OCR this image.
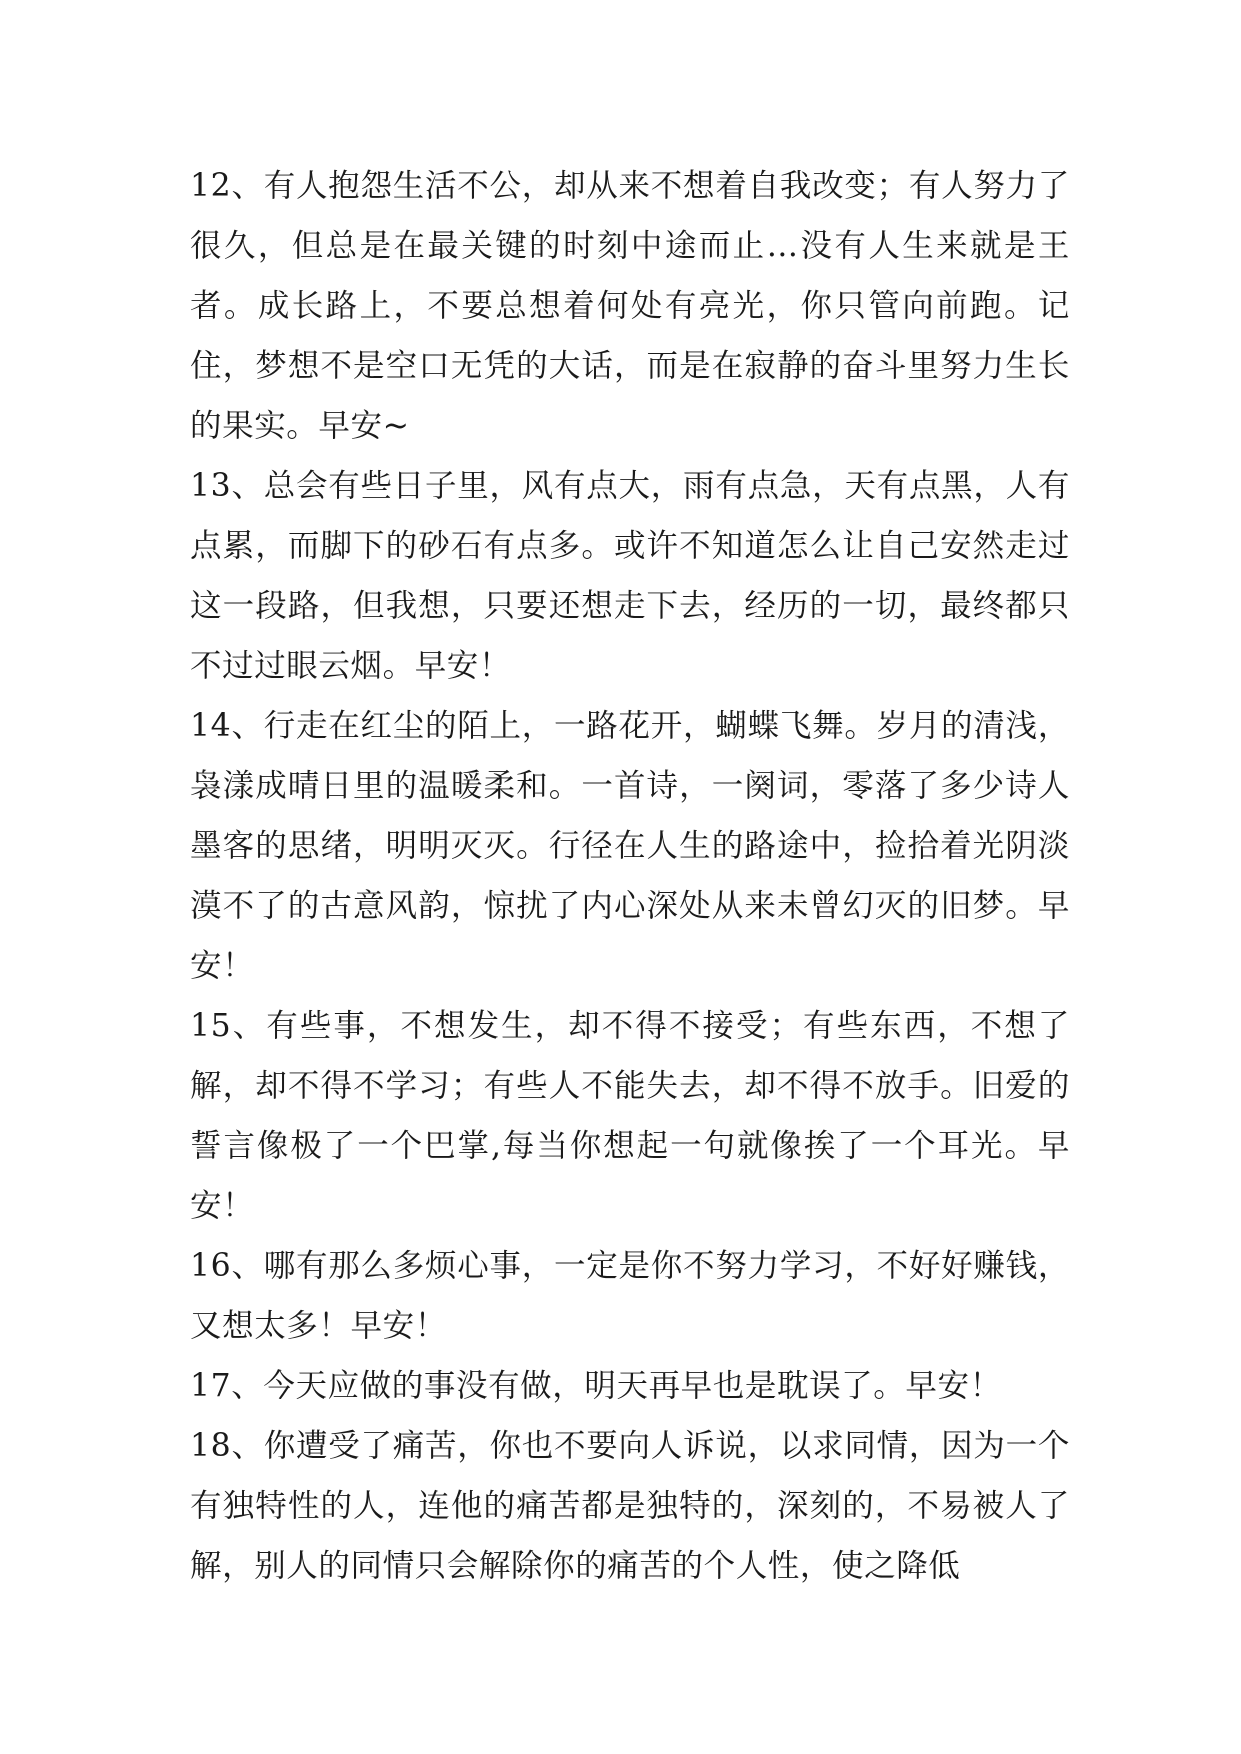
12、有人抱怨生活不公，却从来不想着自我改变；有人努力了很久，但总是在最关键的时刻中途而止…没有人生来就是王者。成长路上，不要总想着何处有亮光，你只管向前跑。记住，梦想不是空口无凭的大话，而是在寂静的奋斗里努力生长的果实。早安~

13、总会有些日子里，风有点大，雨有点急，天有点黑，人有点累，而脚下的砂石有点多。或许不知道怎么让自己安然走过这一段路，但我想，只要还想走下去，经历的一切，最终都只不过过眼云烟。早安！

14、行走在红尘的陌上，一路花开，蝴蝶飞舞。岁月的清浅，袅漾成晴日里的温暖柔和。一首诗，一阕词，零落了多少诗人墨客的思绪，明明灭灭。行径在人生的路途中，捡拾着光阴淡漠不了的古意风韵，惊扰了内心深处从来未曾幻灭的旧梦。早安！

15、有些事，不想发生，却不得不接受；有些东西，不想了解，却不得不学习；有些人不能失去，却不得不放手。旧爱的誓言像极了一个巴掌,每当你想起一句就像挨了一个耳光。早安！

16、哪有那么多烦心事，一定是你不努力学习，不好好赚钱，又想太多！早安！

17、今天应做的事没有做，明天再早也是耽误了。早安！

18、你遭受了痛苦，你也不要向人诉说，以求同情，因为一个有独特性的人，连他的痛苦都是独特的，深刻的，不易被人了解，别人的同情只会解除你的痛苦的个人性，使之降低
